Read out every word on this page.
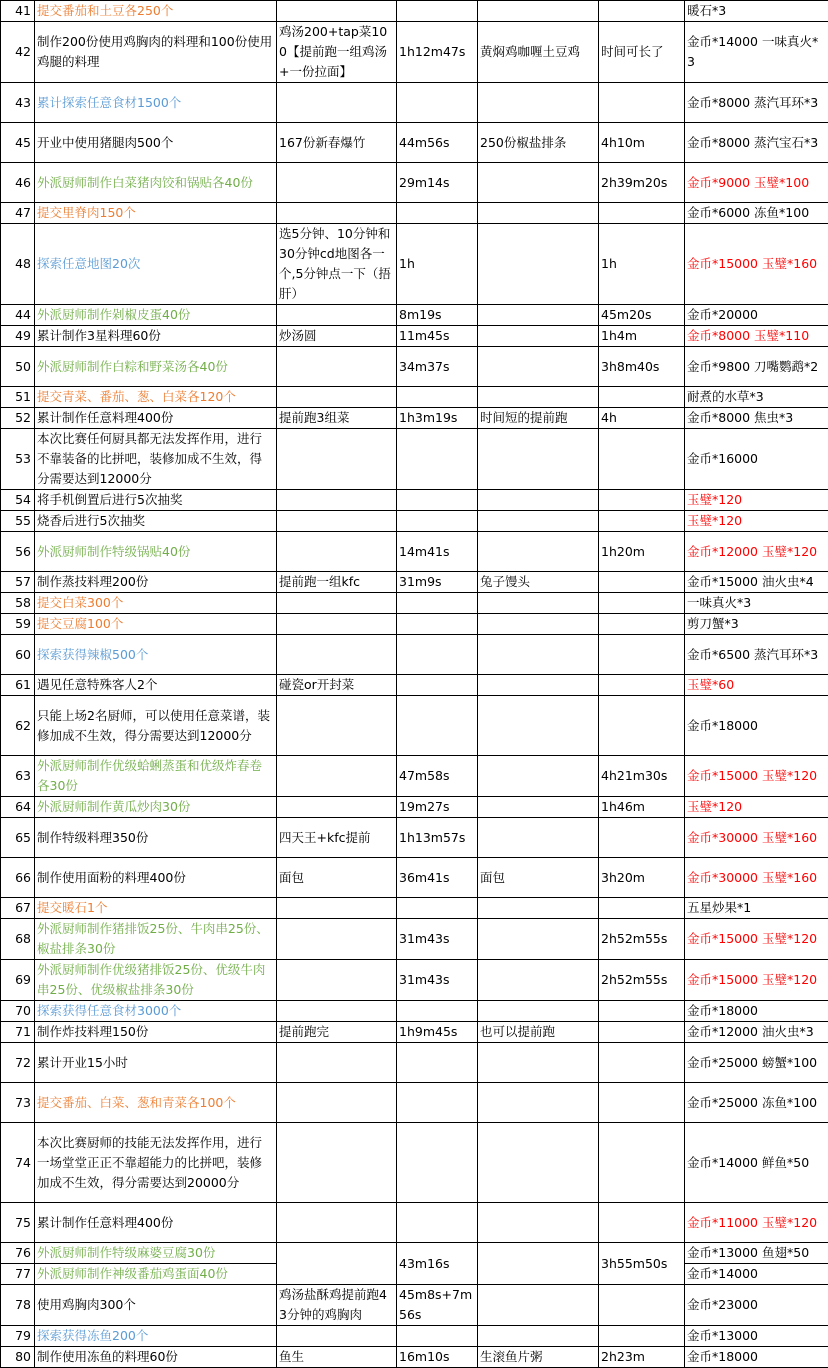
41	提交番茄和土豆各250个					暖石*3
42	制作200份使用鸡胸肉的料理和100份使用鸡腿的料理	鸡汤200+tap菜100【提前跑一组鸡汤+一份拉面】	1h12m47s	黄焖鸡咖喱土豆鸡	时间可长了	金币*14000 一味真火*3
43	累计探索任意食材1500个					金币*8000 蒸汽耳环*3
45	开业中使用猪腿肉500个	167份新春爆竹	44m56s	250份椒盐排条	4h10m	金币*8000 蒸汽宝石*3
46	外派厨师制作白菜猪肉饺和锅贴各40份		29m14s		2h39m20s	金币*9000 玉璧*100
47	提交里脊肉150个					金币*6000 冻鱼*100
48	探索任意地图20次	选5分钟、10分钟和30分钟cd地图各一个,5分钟点一下（捂肝）	1h		1h	金币*15000 玉璧*160
44	外派厨师制作剁椒皮蛋40份		8m19s		45m20s	金币*20000
49	累计制作3星料理60份	炒汤圆	11m45s		1h4m	金币*8000 玉璧*110
50	外派厨师制作白粽和野菜汤各40份		34m37s		3h8m40s	金币*9800 刀嘴鹦鹉*2
51	提交青菜、番茄、葱、白菜各120个					耐煮的水草*3
52	累计制作任意料理400份	提前跑3组菜	1h3m19s	时间短的提前跑	4h	金币*8000 焦虫*3
53	本次比赛任何厨具都无法发挥作用，进行不靠装备的比拼吧，装修加成不生效，得分需要达到12000分					金币*16000
54	将手机倒置后进行5次抽奖					玉璧*120
55	烧香后进行5次抽奖					玉璧*120
56	外派厨师制作特级锅贴40份		14m41s		1h20m	金币*12000 玉璧*120
57	制作蒸技料理200份	提前跑一组kfc	31m9s	兔子馒头		金币*15000 油火虫*4
58	提交白菜300个					一味真火*3
59	提交豆腐100个					剪刀蟹*3
60	探索获得辣椒500个					金币*6500 蒸汽耳环*3
61	遇见任意特殊客人2个	碰瓷or开封菜				玉璧*60
62	只能上场2名厨师，可以使用任意菜谱，装修加成不生效，得分需要达到12000分					金币*18000
63	外派厨师制作优级蛤蜊蒸蛋和优级炸春卷各30份		47m58s		4h21m30s	金币*15000 玉璧*120
64	外派厨师制作黄瓜炒肉30份		19m27s		1h46m	玉璧*120
65	制作特级料理350份	四天王+kfc提前	1h13m57s			金币*30000 玉璧*160
66	制作使用面粉的料理400份	面包	36m41s	面包	3h20m	金币*30000 玉璧*160
67	提交暖石1个					五星炒果*1
68	外派厨师制作猪排饭25份、牛肉串25份、椒盐排条30份		31m43s		2h52m55s	金币*15000 玉璧*120
69	外派厨师制作优级猪排饭25份、优级牛肉串25份、优级椒盐排条30份		31m43s		2h52m55s	金币*15000 玉璧*120
70	探索获得任意食材3000个					金币*18000
71	制作炸技料理150份	提前跑完	1h9m45s	也可以提前跑		金币*12000 油火虫*3
72	累计开业15小时					金币*25000 螃蟹*100
73	提交番茄、白菜、葱和青菜各100个					金币*25000 冻鱼*100
74	本次比赛厨师的技能无法发挥作用，进行一场堂堂正正不靠超能力的比拼吧，装修加成不生效，得分需要达到20000分					金币*14000 鲜鱼*50
75	累计制作任意料理400份					金币*11000 玉璧*120
76	外派厨师制作特级麻婆豆腐30份		43m16s		3h55m50s	金币*13000 鱼翅*50
77	外派厨师制作神级番茄鸡蛋面40份					金币*14000
78	使用鸡胸肉300个	鸡汤盐酥鸡提前跑43分钟的鸡胸肉	45m8s+7m56s			金币*23000
79	探索获得冻鱼200个					金币*13000
80	制作使用冻鱼的料理60份	鱼生	16m10s	生滚鱼片粥	2h23m	金币*18000
